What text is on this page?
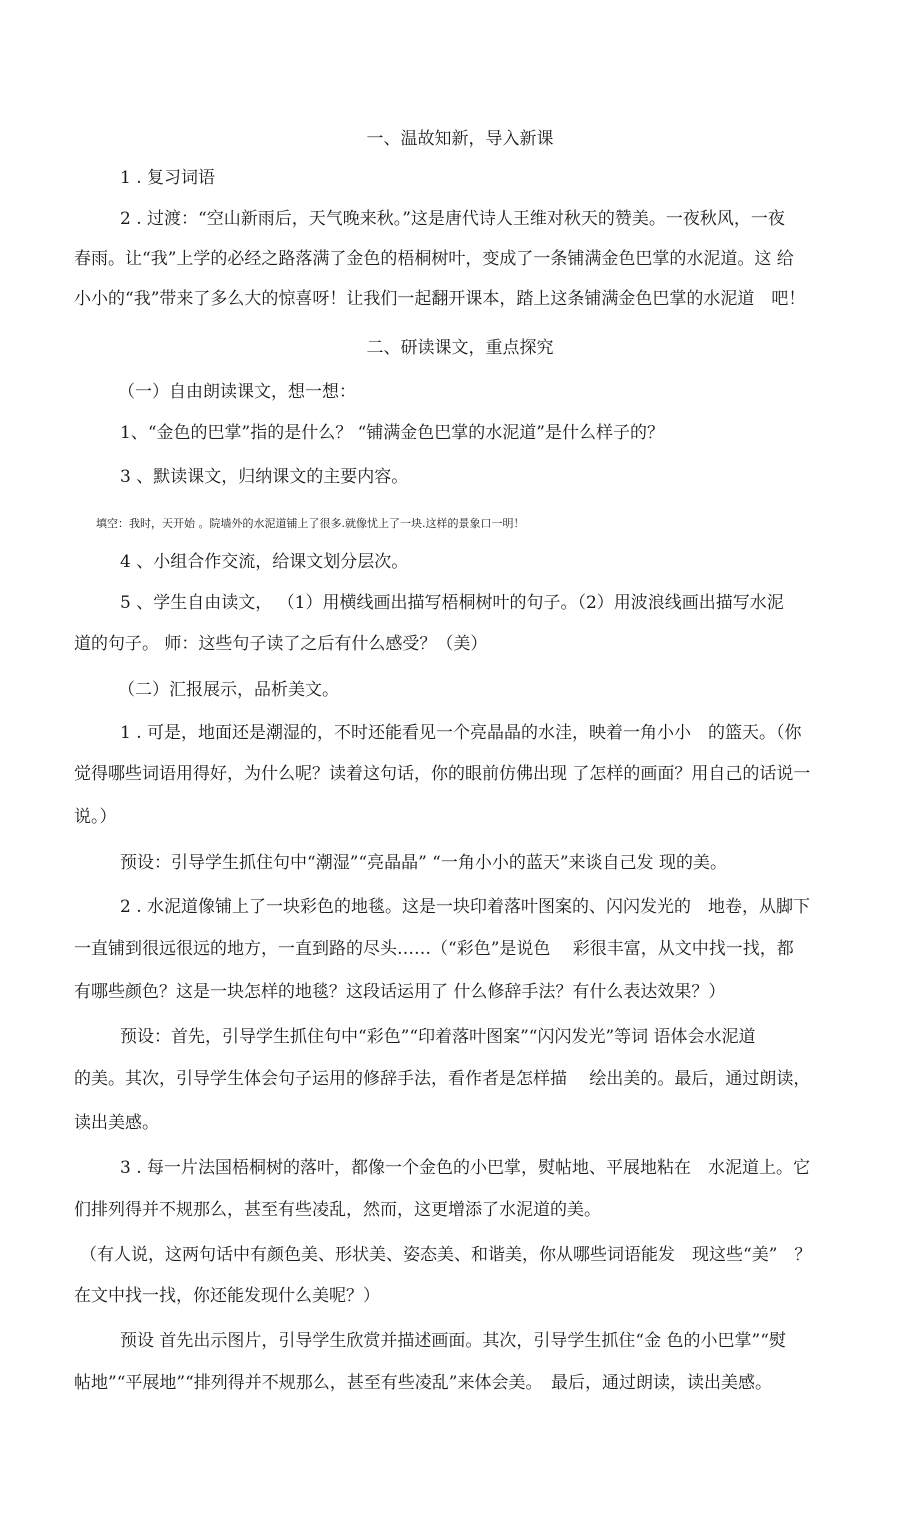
一、温故知新，导入新课
1 . 复习词语
2 . 过渡：“空山新雨后，天气晚来秋。”这是唐代诗人王维对秋天的赞美。一夜秋风，一夜
春雨。让“我”上学的必经之路落满了金色的梧桐树叶，变成了一条铺满金色巴掌的水泥道。这 给
小小的“我”带来了多么大的惊喜呀！让我们一起翻开课本，踏上这条铺满金色巴掌的水泥道　吧！
二、研读课文，重点探究
（一）自由朗读课文，想一想：
1、“金色的巴掌”指的是什么？ “铺满金色巴掌的水泥道”是什么样子的？
3 、默读课文，归纳课文的主要内容。
填空：我时，天开始 。院墙外的水泥道铺上了很多.就像忧上了一块.这样的景象口一明！
4 、小组合作交流，给课文划分层次。
5 、学生自由读文， （1）用横线画出描写梧桐树叶的句子。（2）用波浪线画出描写水泥
道的句子。 师：这些句子读了之后有什么感受？（美）
（二）汇报展示，品析美文。
1 . 可是，地面还是潮湿的，不时还能看见一个亮晶晶的水洼，映着一角小小　的篮天。（你
觉得哪些词语用得好，为什么呢？读着这句话，你的眼前仿佛出现 了怎样的画面？用自己的话说一
说。）
预设：引导学生抓住句中“潮湿”“亮晶晶” “一角小小的蓝天”来谈自己发 现的美。
2 . 水泥道像铺上了一块彩色的地毯。这是一块印着落叶图案的、闪闪发光的　地卷，从脚下
一直铺到很远很远的地方，一直到路的尽头……（“彩色”是说色　 彩很丰富，从文中找一找，都
有哪些颜色？这是一块怎样的地毯？这段话运用了 什么修辞手法？有什么表达效果？）
预设：首先，引导学生抓住句中“彩色”“印着落叶图案”“闪闪发光”等词 语体会水泥道
的美。其次，引导学生体会句子运用的修辞手法，看作者是怎样描　 绘出美的。最后，通过朗读，
读出美感。
3 . 每一片法国梧桐树的落叶，都像一个金色的小巴掌，熨帖地、平展地粘在　水泥道上。它
们排列得并不规那么，甚至有些凌乱，然而，这更增添了水泥道的美。
（有人说，这两句话中有颜色美、形状美、姿态美、和谐美，你从哪些词语能发　现这些“美”　？
在文中找一找，你还能发现什么美呢？）
预设 首先出示图片，引导学生欣赏并描述画面。其次，引导学生抓住“金 色的小巴掌”“熨
帖地”“平展地”“排列得并不规那么，甚至有些凌乱”来体会美。　最后，通过朗读，读出美感。
